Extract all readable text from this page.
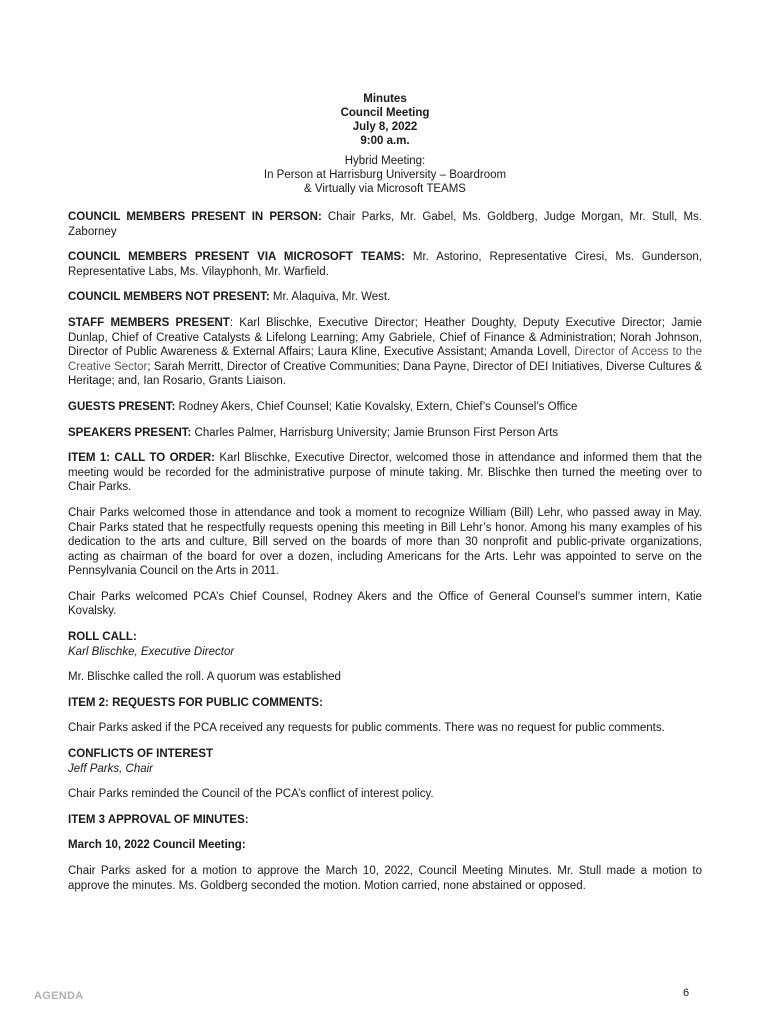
Minutes
Council Meeting
July 8, 2022
9:00 a.m.
Hybrid Meeting:
In Person at Harrisburg University – Boardroom
& Virtually via Microsoft TEAMS

COUNCIL MEMBERS PRESENT IN PERSON: Chair Parks, Mr. Gabel, Ms. Goldberg, Judge Morgan, Mr. Stull, Ms. Zaborney

COUNCIL MEMBERS PRESENT VIA MICROSOFT TEAMS: Mr. Astorino, Representative Ciresi, Ms. Gunderson, Representative Labs, Ms. Vilayphonh, Mr. Warfield.

COUNCIL MEMBERS NOT PRESENT: Mr. Alaquiva, Mr. West.

STAFF MEMBERS PRESENT: Karl Blischke, Executive Director; Heather Doughty, Deputy Executive Director; Jamie Dunlap, Chief of Creative Catalysts & Lifelong Learning; Amy Gabriele, Chief of Finance & Administration; Norah Johnson, Director of Public Awareness & External Affairs; Laura Kline, Executive Assistant; Amanda Lovell, Director of Access to the Creative Sector; Sarah Merritt, Director of Creative Communities; Dana Payne, Director of DEI Initiatives, Diverse Cultures & Heritage; and, Ian Rosario, Grants Liaison.

GUESTS PRESENT: Rodney Akers, Chief Counsel; Katie Kovalsky, Extern, Chief’s Counsel’s Office

SPEAKERS PRESENT: Charles Palmer, Harrisburg University; Jamie Brunson First Person Arts

ITEM 1: CALL TO ORDER: Karl Blischke, Executive Director, welcomed those in attendance and informed them that the meeting would be recorded for the administrative purpose of minute taking. Mr. Blischke then turned the meeting over to Chair Parks.

Chair Parks welcomed those in attendance and took a moment to recognize William (Bill) Lehr, who passed away in May. Chair Parks stated that he respectfully requests opening this meeting in Bill Lehr’s honor. Among his many examples of his dedication to the arts and culture, Bill served on the boards of more than 30 nonprofit and public-private organizations, acting as chairman of the board for over a dozen, including Americans for the Arts. Lehr was appointed to serve on the Pennsylvania Council on the Arts in 2011.

Chair Parks welcomed PCA’s Chief Counsel, Rodney Akers and the Office of General Counsel’s summer intern, Katie Kovalsky.

ROLL CALL:

Karl Blischke, Executive Director

Mr. Blischke called the roll. A quorum was established

ITEM 2: REQUESTS FOR PUBLIC COMMENTS:

Chair Parks asked if the PCA received any requests for public comments. There was no request for public comments.

CONFLICTS OF INTEREST

Jeff Parks, Chair

Chair Parks reminded the Council of the PCA’s conflict of interest policy.

ITEM 3 APPROVAL OF MINUTES:

March 10, 2022 Council Meeting:

Chair Parks asked for a motion to approve the March 10, 2022, Council Meeting Minutes. Mr. Stull made a motion to approve the minutes. Ms. Goldberg seconded the motion. Motion carried, none abstained or opposed.

AGENDA	6
